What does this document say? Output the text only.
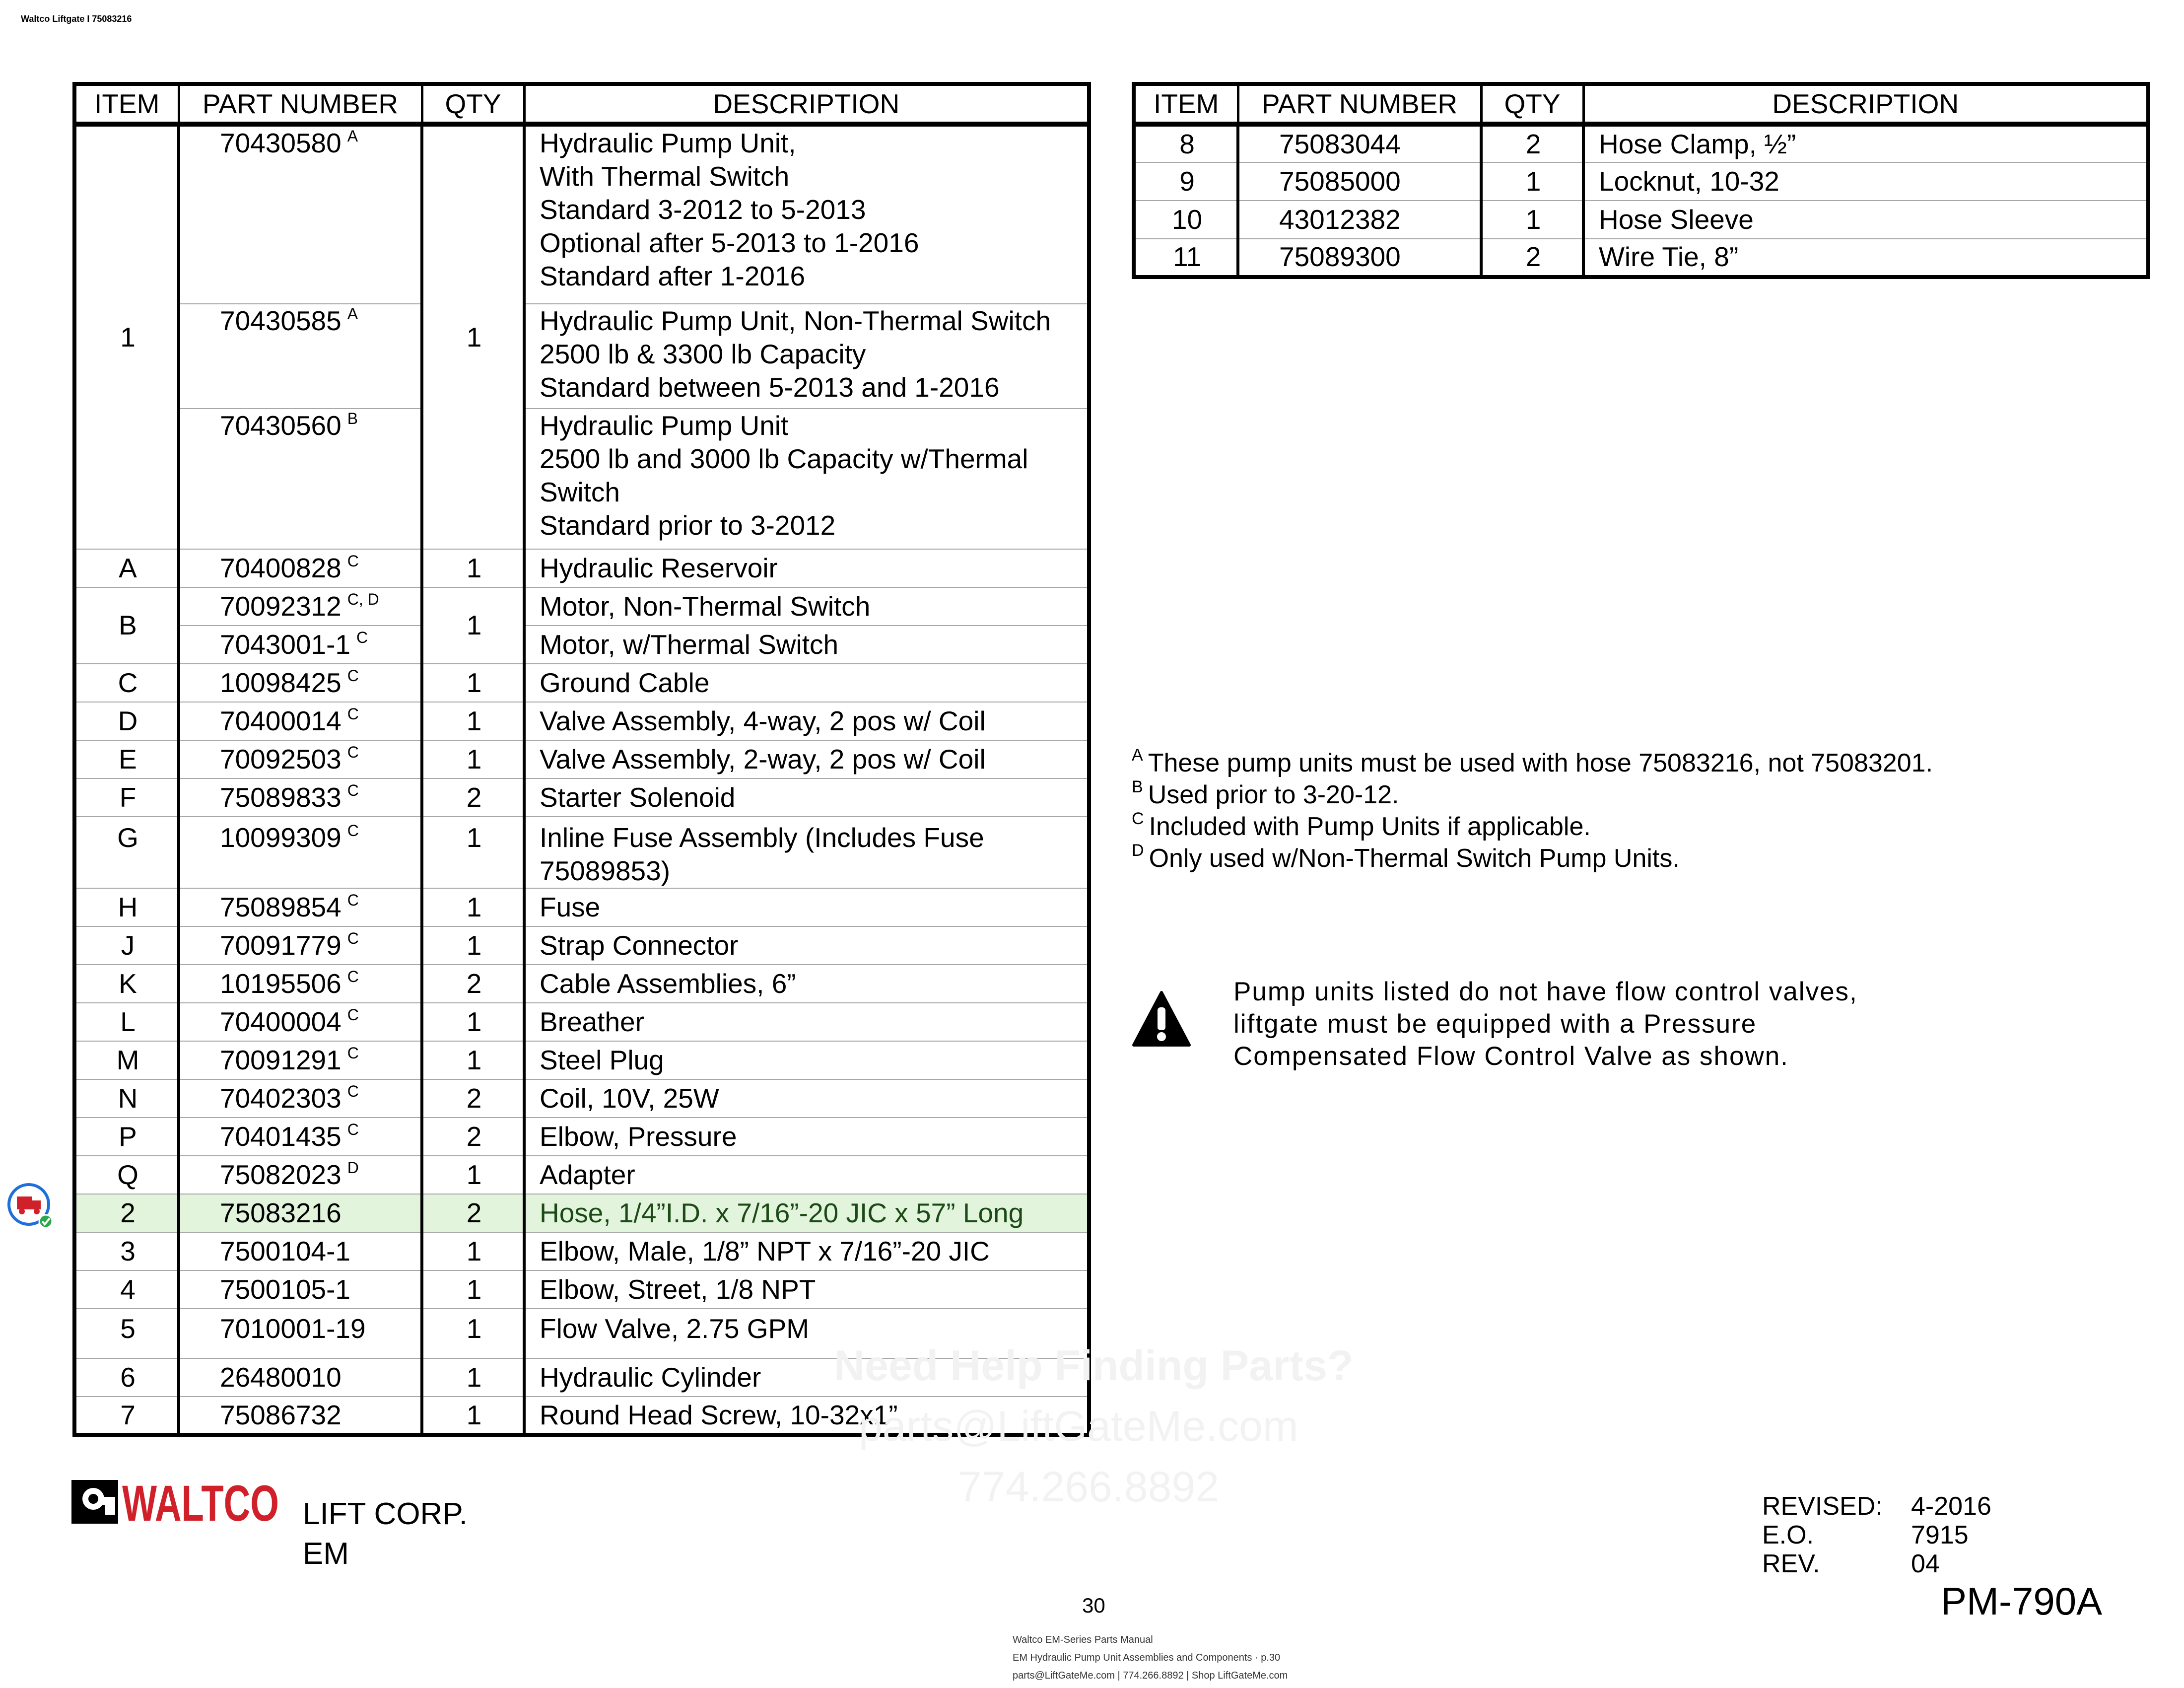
Waltco Liftgate I 75083216
ITEM	PART NUMBER	QTY	DESCRIPTION
1	70430580 $^A$	1	Hydraulic Pump Unit,
With Thermal Switch
Standard 3-2012 to 5-2013
Optional after 5-2013 to 1-2016
Standard after 1-2016

	70430585 $^A$		Hydraulic Pump Unit, Non-Thermal Switch
2500 lb & 3300 lb Capacity
Standard between 5-2013 and 1-2016

	70430560 $^B$		Hydraulic Pump Unit
2500 lb and 3000 lb Capacity w/Thermal Switch
Standard prior to 3-2012

A	70400828 $^C$	1	Hydraulic Reservoir
B	70092312 $^{C, D}$	1	Motor, Non-Thermal Switch
	7043001-1 $^C$		Motor, w/Thermal Switch
C	10098425 $^C$	1	Ground Cable
D	70400014 $^C$	1	Valve Assembly, 4-way, 2 pos w/ Coil
E	70092503 $^C$	1	Valve Assembly, 2-way, 2 pos w/ Coil
F	75089833 $^C$	2	Starter Solenoid
G	10099309 $^C$	1	Inline Fuse Assembly (Includes Fuse 75089853)
H	75089854 $^C$	1	Fuse
J	70091779 $^C$	1	Strap Connector
K	10195506 $^C$	2	Cable Assemblies, 6”
L	70400004 $^C$	1	Breather
M	70091291 $^C$	1	Steel Plug
N	70402303 $^C$	2	Coil, 10V, 25W
P	70401435 $^C$	2	Elbow, Pressure
Q	75082023 $^D$	1	Adapter
2	75083216	2	Hose, 1/4”I.D. x 7/16”-20 JIC x 57” Long
3	7500104-1	1	Elbow, Male, 1/8” NPT x 7/16”-20 JIC
4	7500105-1	1	Elbow, Street, 1/8 NPT
5	7010001-19	1	Flow Valve, 2.75 GPM
6	26480010	1	Hydraulic Cylinder
7	75086732	1	Round Head Screw, 10-32x1”
ITEM	PART NUMBER	QTY	DESCRIPTION
8	75083044	2	Hose Clamp, ½”
9	75085000	1	Locknut, 10-32
10	43012382	1	Hose Sleeve
11	75089300	2	Wire Tie, 8”
$^A$ These pump units must be used with hose 75083216, not 75083201.
$^B$ Used prior to 3-20-12.
$^C$ Included with Pump Units if applicable.
$^D$ Only used w/Non-Thermal Switch Pump Units.
Pump units listed do not have flow control valves, liftgate must be equipped with a Pressure Compensated Flow Control Valve as shown.
Need Help Finding Parts?
parts@LiftGateMe.com
774.266.8892
WALTCO LIFT CORP.
EM
REVISED:	4-2016
E.O.	7915
REV.	04
30	PM-790A
Waltco EM-Series Parts Manual
EM Hydraulic Pump Unit Assemblies and Components · p.30
parts@LiftGateMe.com | 774.266.8892 | Shop LiftGateMe.com
